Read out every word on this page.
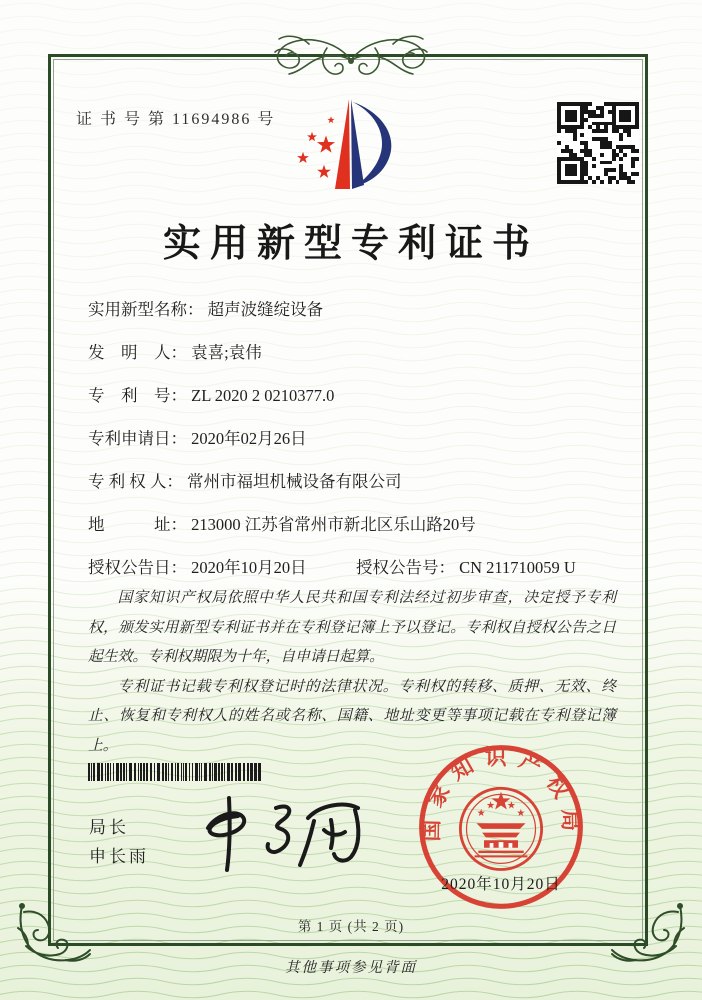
证 书 号 第 11694986 号
实用新型专利证书
实用新型名称： 超声波缝绽设备
发　明　人： 袁喜;袁伟
专　利　号： ZL 2020 2 0210377.0
专利申请日： 2020年02月26日
专 利 权 人： 常州市福坦机械设备有限公司
地　　　址： 213000 江苏省常州市新北区乐山路20号
授权公告日： 2020年10月20日	授权公告号： CN 211710059 U

国家知识产权局依照中华人民共和国专利法经过初步审查，决定授予专利权，颁发实用新型专利证书并在专利登记簿上予以登记。专利权自授权公告之日起生效。专利权期限为十年，自申请日起算。

专利证书记载专利权登记时的法律状况。专利权的转移、质押、无效、终止、恢复和专利权人的姓名或名称、国籍、地址变更等事项记载在专利登记簿上。

局长
申长雨
国家知识产权局
2020年10月20日
第 1 页 (共 2 页)
其他事项参见背面
